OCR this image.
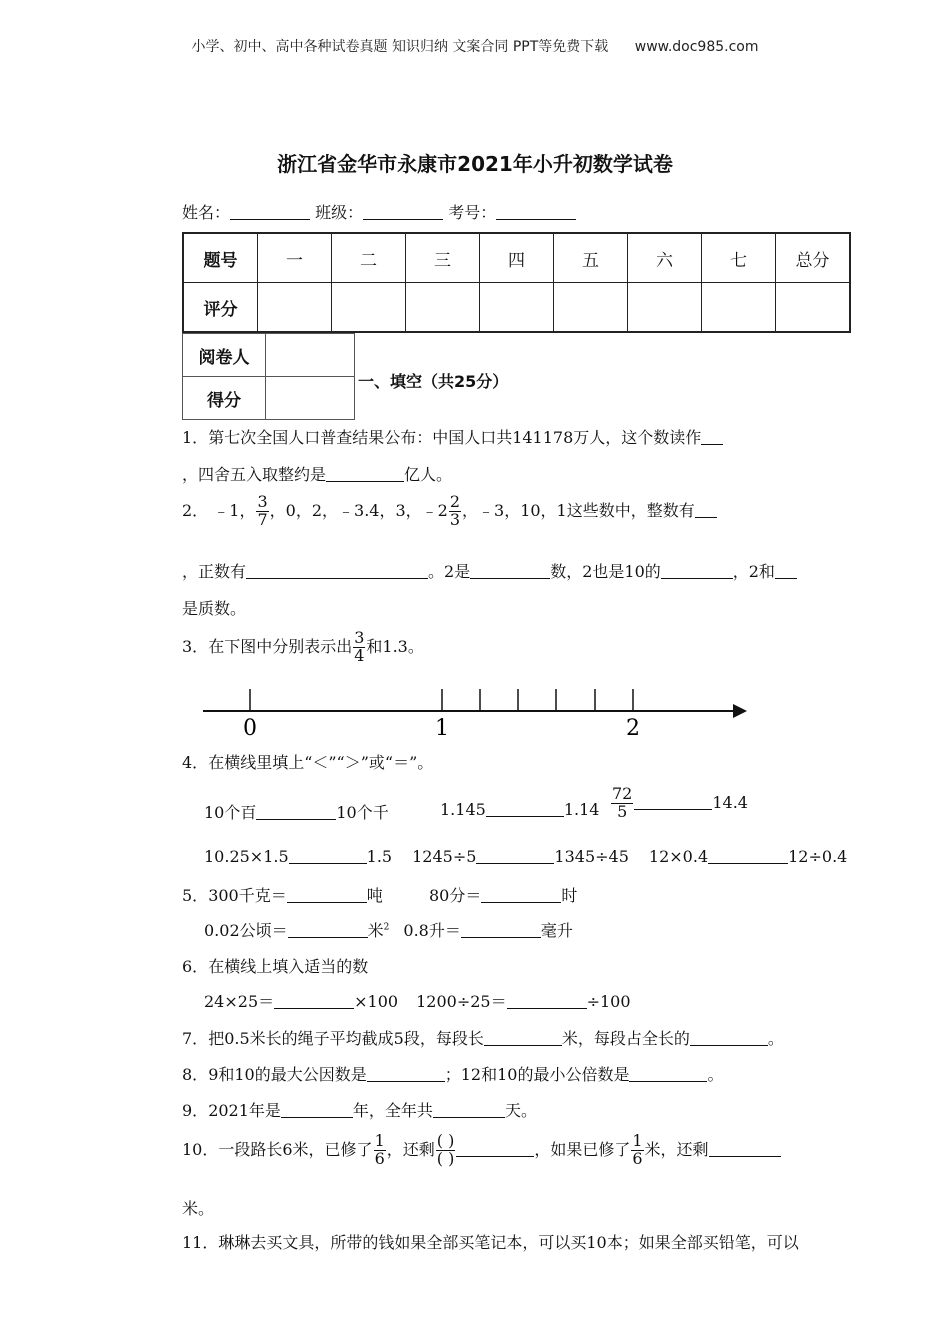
小学、初中、高中各种试卷真题 知识归纳 文案合同 PPT等免费下载 www.doc985.com
浙江省金华市永康市2021年小升初数学试卷
姓名：	班级：	考号：
题号	一	二	三	四	五	六	七	总分
评分								
阅卷人	
得分	
一、填空（共25分）
1．第七次全国人口普查结果公布：中国人口共141178万人，这个数读作
，四舍五入取整约是	亿人。
2． ﹣1， $\frac{3}{7}$ ，0，2，﹣3.4，3，﹣2 $\frac{2}{3}$ ，﹣3，10，1这些数中，整数有
，正数有	。2是	数，2也是10的	，2和
是质数。
3．在下图中分别表示出 $\frac{3}{4}$ 和1.3。
0	1	2
4．在横线里填上“＜”“＞”或“＝”。
10个百	10个千	1.145	$1.14 \frac{72}{5}$	14.4
10.25×1.5	1.5 1245÷5	1345÷45 12×0.4	12÷0.4
5．300千克＝	吨	80分＝	时
0.02公顷＝	米$^2$ 0.8升＝	毫升
6．在横线上填入适当的数
24×25＝	×100 1200÷25＝	÷100
7．把0.5米长的绳子平均截成5段，每段长	米，每段占全长的	。
8．9和10的最大公因数是	；12和10的最小公倍数是	。
9．2021年是	年，全年共	天。
10．一段路长6米，已修了 $\frac{1}{6}$ ，还剩 $\frac{( )}{( )}$	，如果已修了 $\frac{1}{6}$ 米，还剩
米。
11．琳琳去买文具，所带的钱如果全部买笔记本，可以买10本；如果全部买铅笔，可以
